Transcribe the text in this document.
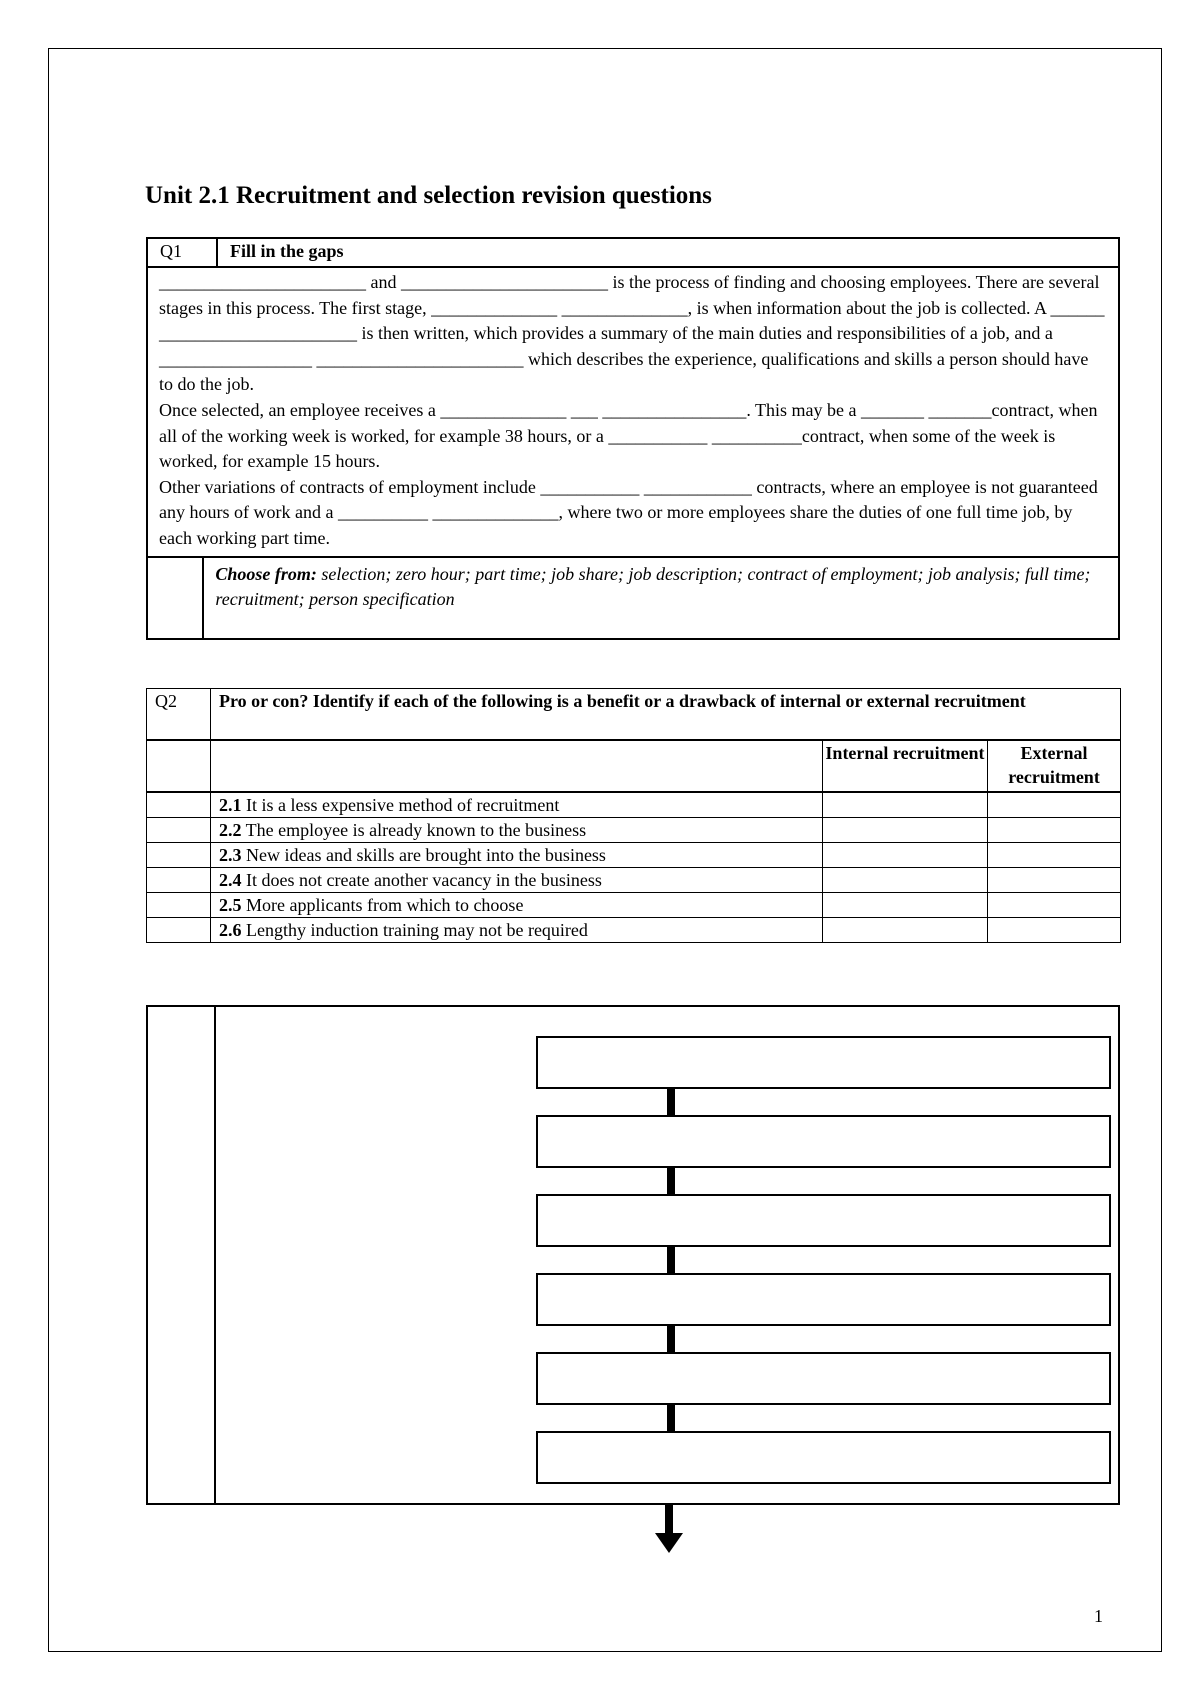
Unit 2.1 Recruitment and selection revision questions
Q1	Fill in the gaps

_______________________ and _______________________ is the process of finding and choosing employees. There are several stages in this process. The first stage, ______________ ______________, is when information about the job is collected. A ______ ______________________ is then written, which provides a summary of the main duties and responsibilities of a job, and a _________________ _______________________ which describes the experience, qualifications and skills a person should have to do the job.

Once selected, an employee receives a ______________ ___ ________________. This may be a _______ _______contract, when all of the working week is worked, for example 38 hours, or a ___________ __________contract, when some of the week is worked, for example 15 hours.

Other variations of contracts of employment include ___________ ____________ contracts, where an employee is not guaranteed any hours of work and a __________ ______________, where two or more employees share the duties of one full time job, by each working part time.

Choose from: selection; zero hour; part time; job share; job description; contract of employment; job analysis; full time; recruitment; person specification
Q2	Pro or con? Identify if each of the following is a benefit or a drawback of internal or external recruitment		
		Internal recruitment	External recruitment
	2.1 It is a less expensive method of recruitment		
	2.2 The employee is already known to the business		
	2.3 New ideas and skills are brought into the business		
	2.4 It does not create another vacancy in the business		
	2.5 More applicants from which to choose		
	2.6 Lengthy induction training may not be required		
1
